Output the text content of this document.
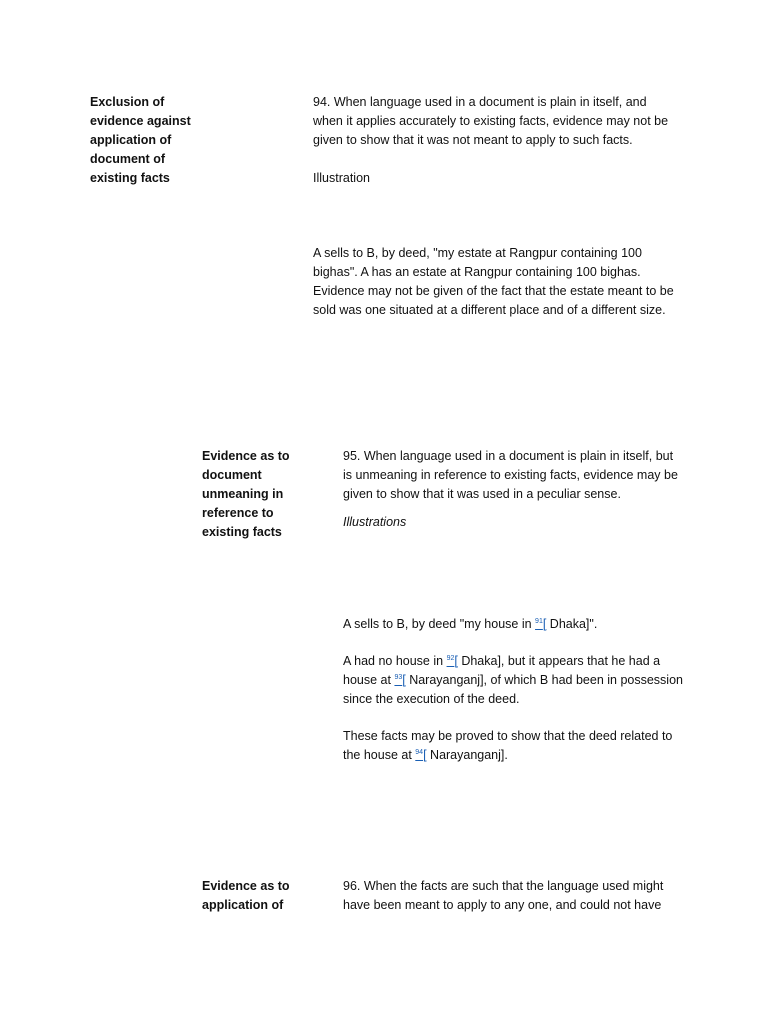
Exclusion of evidence against application of document of existing facts

94. When language used in a document is plain in itself, and when it applies accurately to existing facts, evidence may not be given to show that it was not meant to apply to such facts.

Illustration

A sells to B, by deed, "my estate at Rangpur containing 100 bighas". A has an estate at Rangpur containing 100 bighas. Evidence may not be given of the fact that the estate meant to be sold was one situated at a different place and of a different size.

Evidence as to document unmeaning in reference to existing facts

95. When language used in a document is plain in itself, but is unmeaning in reference to existing facts, evidence may be given to show that it was used in a peculiar sense.

Illustrations

A sells to B, by deed "my house in $^{91}$[ Dhaka]".

A had no house in $^{92}$[ Dhaka], but it appears that he had a house at $^{93}$[ Narayanganj], of which B had been in possession since the execution of the deed.

These facts may be proved to show that the deed related to the house at $^{94}$[ Narayanganj].

Evidence as to application of

96. When the facts are such that the language used might have been meant to apply to any one, and could not have
